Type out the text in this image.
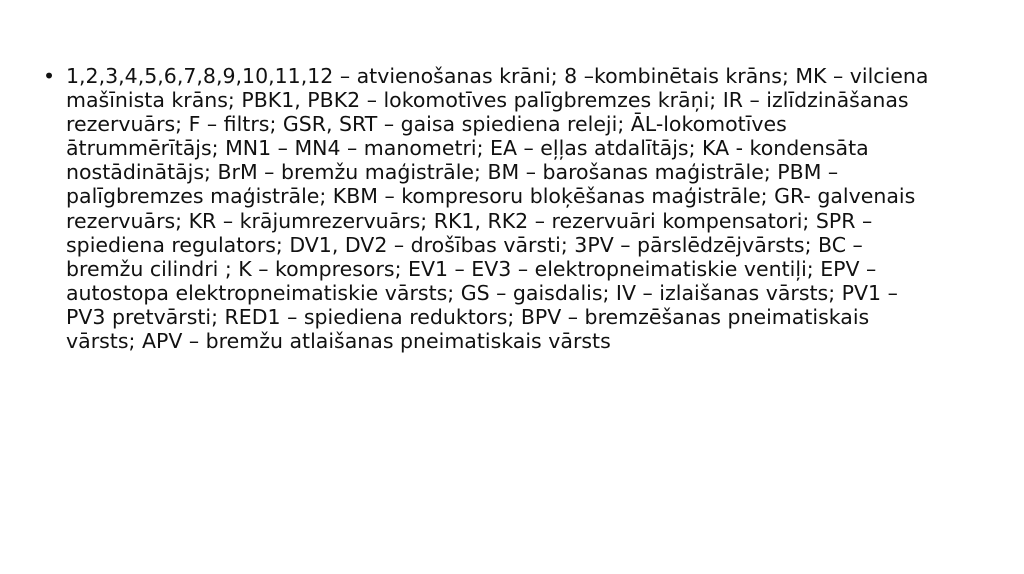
• 1,2,3,4,5,6,7,8,9,10,11,12 – atvienošanas krāni; 8 –kombinētais krāns; MK – vilciena mašīnista krāns; PBK1, PBK2 – lokomotīves palīgbremzes krāņi; IR – izlīdzināšanas rezervuārs; F – filtrs; GSR, SRT – gaisa spiediena releji; ĀL-lokomotīves ātrummērītājs; MN1 – MN4 – manometri; EA – eļļas atdalītājs; KA - kondensāta nostādinātājs; BrM – bremžu maģistrāle; BM – barošanas maģistrāle; PBM – palīgbremzes maģistrāle; KBM – kompresoru bloķēšanas maģistrāle; GR- galvenais rezervuārs; KR – krājumrezervuārs; RK1, RK2 – rezervuāri kompensatori; SPR – spiediena regulators; DV1, DV2 – drošības vārsti; 3PV – pārslēdzējvārsts; BC – bremžu cilindri ; K – kompresors; EV1 – EV3 – elektropneimatiskie ventiļi; EPV – autostopa elektropneimatiskie vārsts; GS – gaisdalis; IV – izlaišanas vārsts; PV1 – PV3 pretvārsti; RED1 – spiediena reduktors; BPV – bremzēšanas pneimatiskais vārsts; APV – bremžu atlaišanas pneimatiskais vārsts
